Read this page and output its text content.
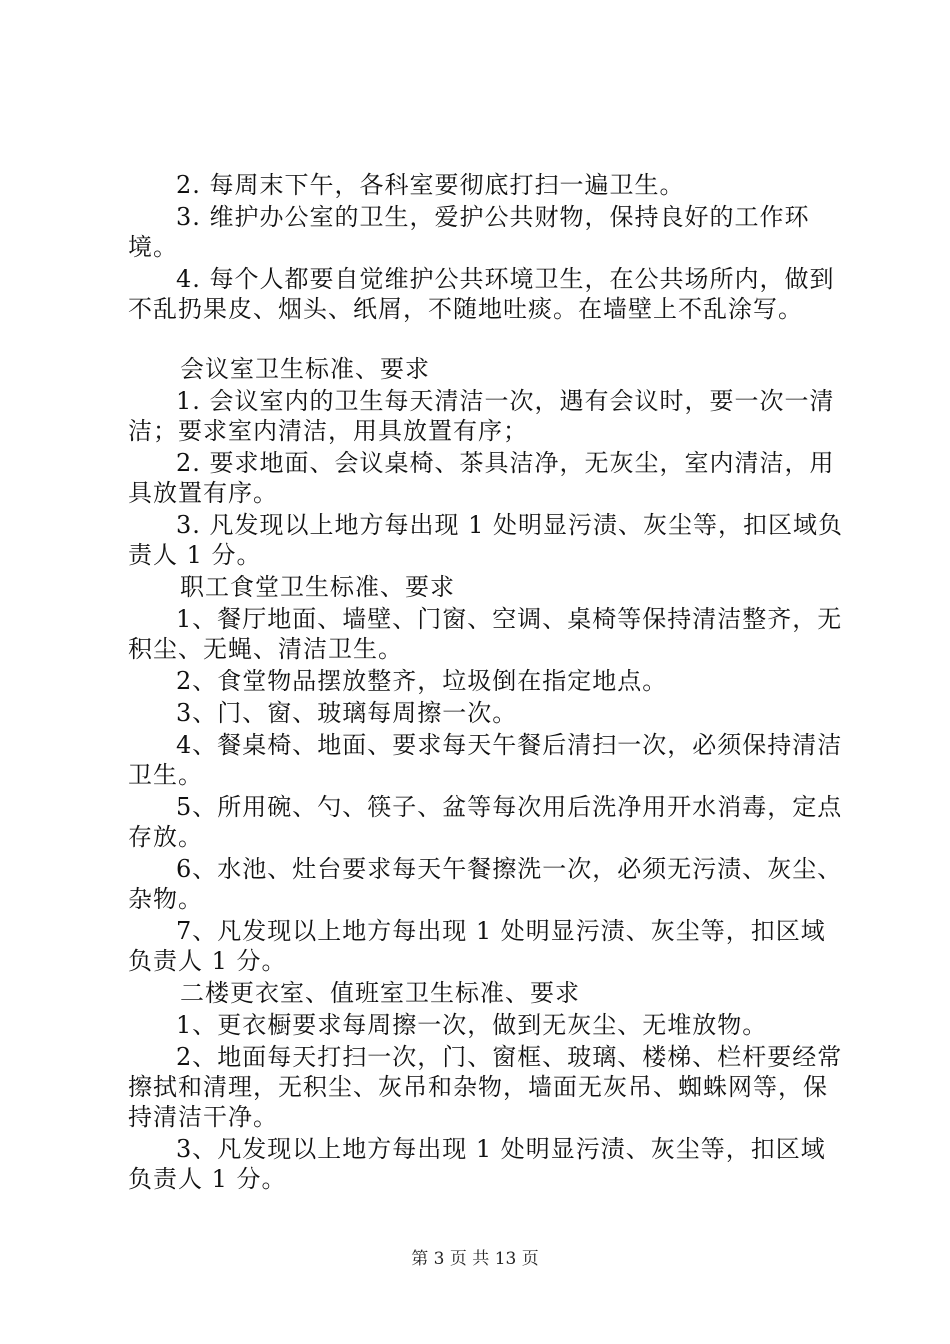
2. 每周末下午，各科室要彻底打扫一遍卫生。

3. 维护办公室的卫生，爱护公共财物，保持良好的工作环境。

4. 每个人都要自觉维护公共环境卫生，在公共场所内，做到不乱扔果皮、烟头、纸屑，不随地吐痰。在墙壁上不乱涂写。

会议室卫生标准、要求

1. 会议室内的卫生每天清洁一次，遇有会议时，要一次一清洁；要求室内清洁，用具放置有序；

2. 要求地面、会议桌椅、茶具洁净，无灰尘，室内清洁，用具放置有序。

3. 凡发现以上地方每出现 1 处明显污渍、灰尘等，扣区域负责人 1 分。

职工食堂卫生标准、要求

1、餐厅地面、墙壁、门窗、空调、桌椅等保持清洁整齐，无积尘、无蝇、清洁卫生。

2、食堂物品摆放整齐，垃圾倒在指定地点。

3、门、窗、玻璃每周擦一次。

4、餐桌椅、地面、要求每天午餐后清扫一次，必须保持清洁卫生。

5、所用碗、勺、筷子、盆等每次用后洗净用开水消毒，定点存放。

6、水池、灶台要求每天午餐擦洗一次，必须无污渍、灰尘、杂物。

7、凡发现以上地方每出现 1 处明显污渍、灰尘等，扣区域负责人 1 分。

二楼更衣室、值班室卫生标准、要求

1、更衣橱要求每周擦一次，做到无灰尘、无堆放物。

2、地面每天打扫一次，门、窗框、玻璃、楼梯、栏杆要经常擦拭和清理，无积尘、灰吊和杂物，墙面无灰吊、蜘蛛网等，保持清洁干净。

3、凡发现以上地方每出现 1 处明显污渍、灰尘等，扣区域负责人 1 分。

第 3 页 共 13 页
